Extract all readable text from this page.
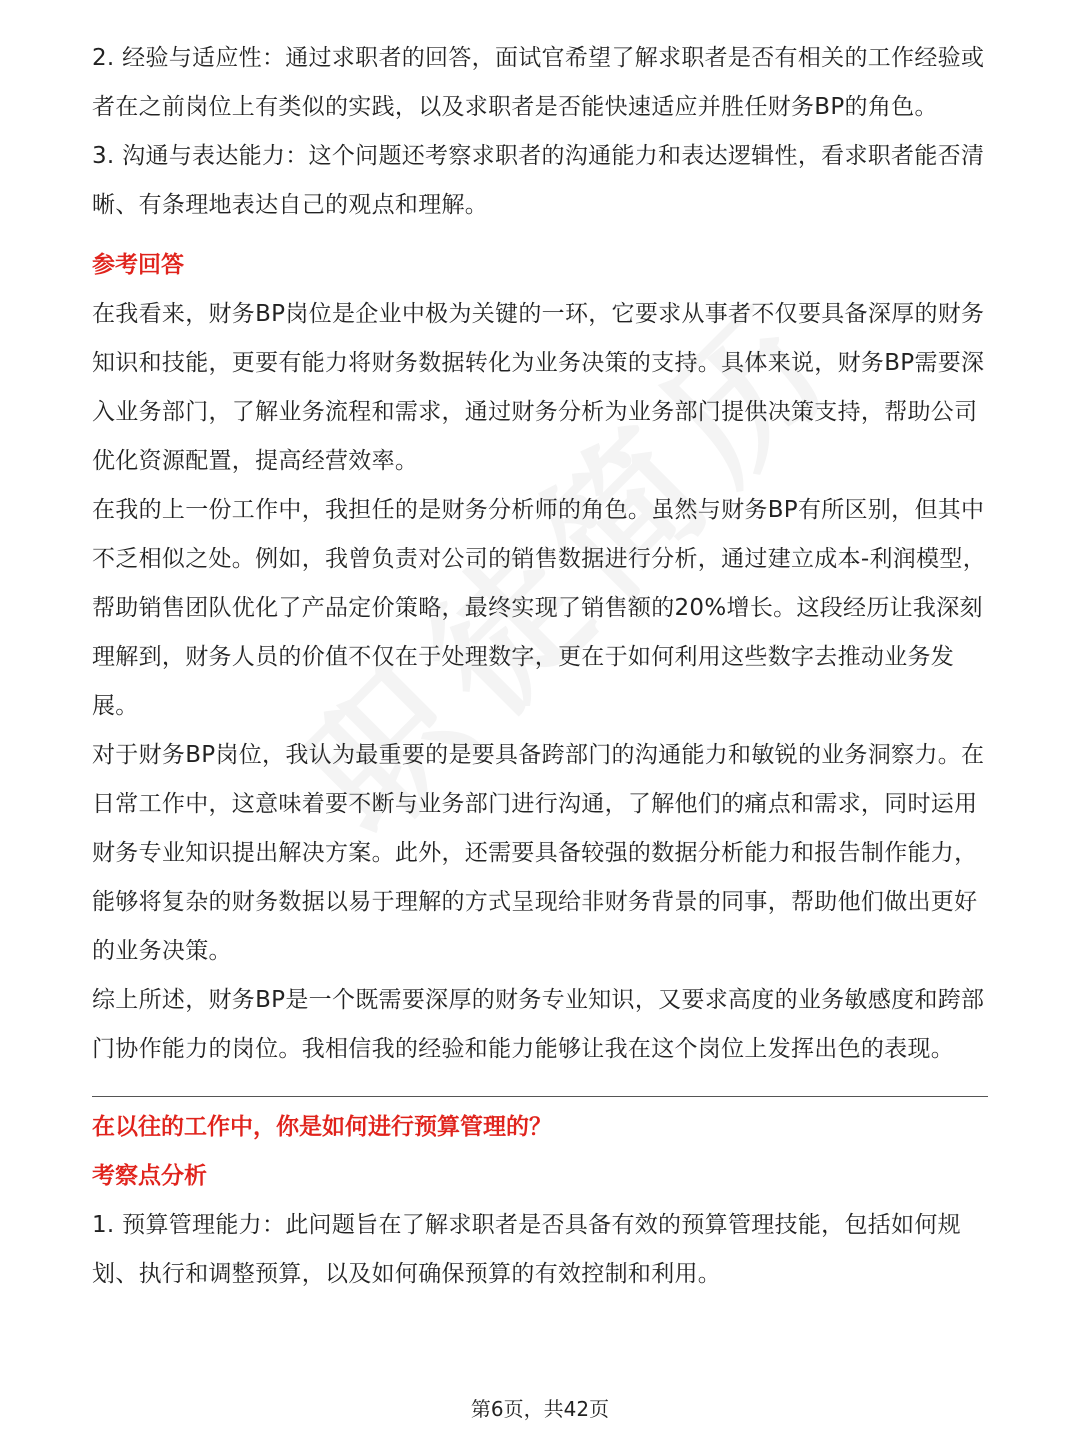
2. 经验与适应性：通过求职者的回答，面试官希望了解求职者是否有相关的工作经验或者在之前岗位上有类似的实践，以及求职者是否能快速适应并胜任财务BP的角色。

3. 沟通与表达能力：这个问题还考察求职者的沟通能力和表达逻辑性，看求职者能否清晰、有条理地表达自己的观点和理解。

参考回答

在我看来，财务BP岗位是企业中极为关键的一环，它要求从事者不仅要具备深厚的财务知识和技能，更要有能力将财务数据转化为业务决策的支持。具体来说，财务BP需要深入业务部门，了解业务流程和需求，通过财务分析为业务部门提供决策支持，帮助公司优化资源配置，提高经营效率。

在我的上一份工作中，我担任的是财务分析师的角色。虽然与财务BP有所区别，但其中不乏相似之处。例如，我曾负责对公司的销售数据进行分析，通过建立成本-利润模型，帮助销售团队优化了产品定价策略，最终实现了销售额的20%增长。这段经历让我深刻理解到，财务人员的价值不仅在于处理数字，更在于如何利用这些数字去推动业务发展。

对于财务BP岗位，我认为最重要的是要具备跨部门的沟通能力和敏锐的业务洞察力。在日常工作中，这意味着要不断与业务部门进行沟通，了解他们的痛点和需求，同时运用财务专业知识提出解决方案。此外，还需要具备较强的数据分析能力和报告制作能力，能够将复杂的财务数据以易于理解的方式呈现给非财务背景的同事，帮助他们做出更好的业务决策。

综上所述，财务BP是一个既需要深厚的财务专业知识，又要求高度的业务敏感度和跨部门协作能力的岗位。我相信我的经验和能力能够让我在这个岗位上发挥出色的表现。

在以往的工作中，你是如何进行预算管理的？
考察点分析

1. 预算管理能力：此问题旨在了解求职者是否具备有效的预算管理技能，包括如何规划、执行和调整预算，以及如何确保预算的有效控制和利用。

第6页，共42页
